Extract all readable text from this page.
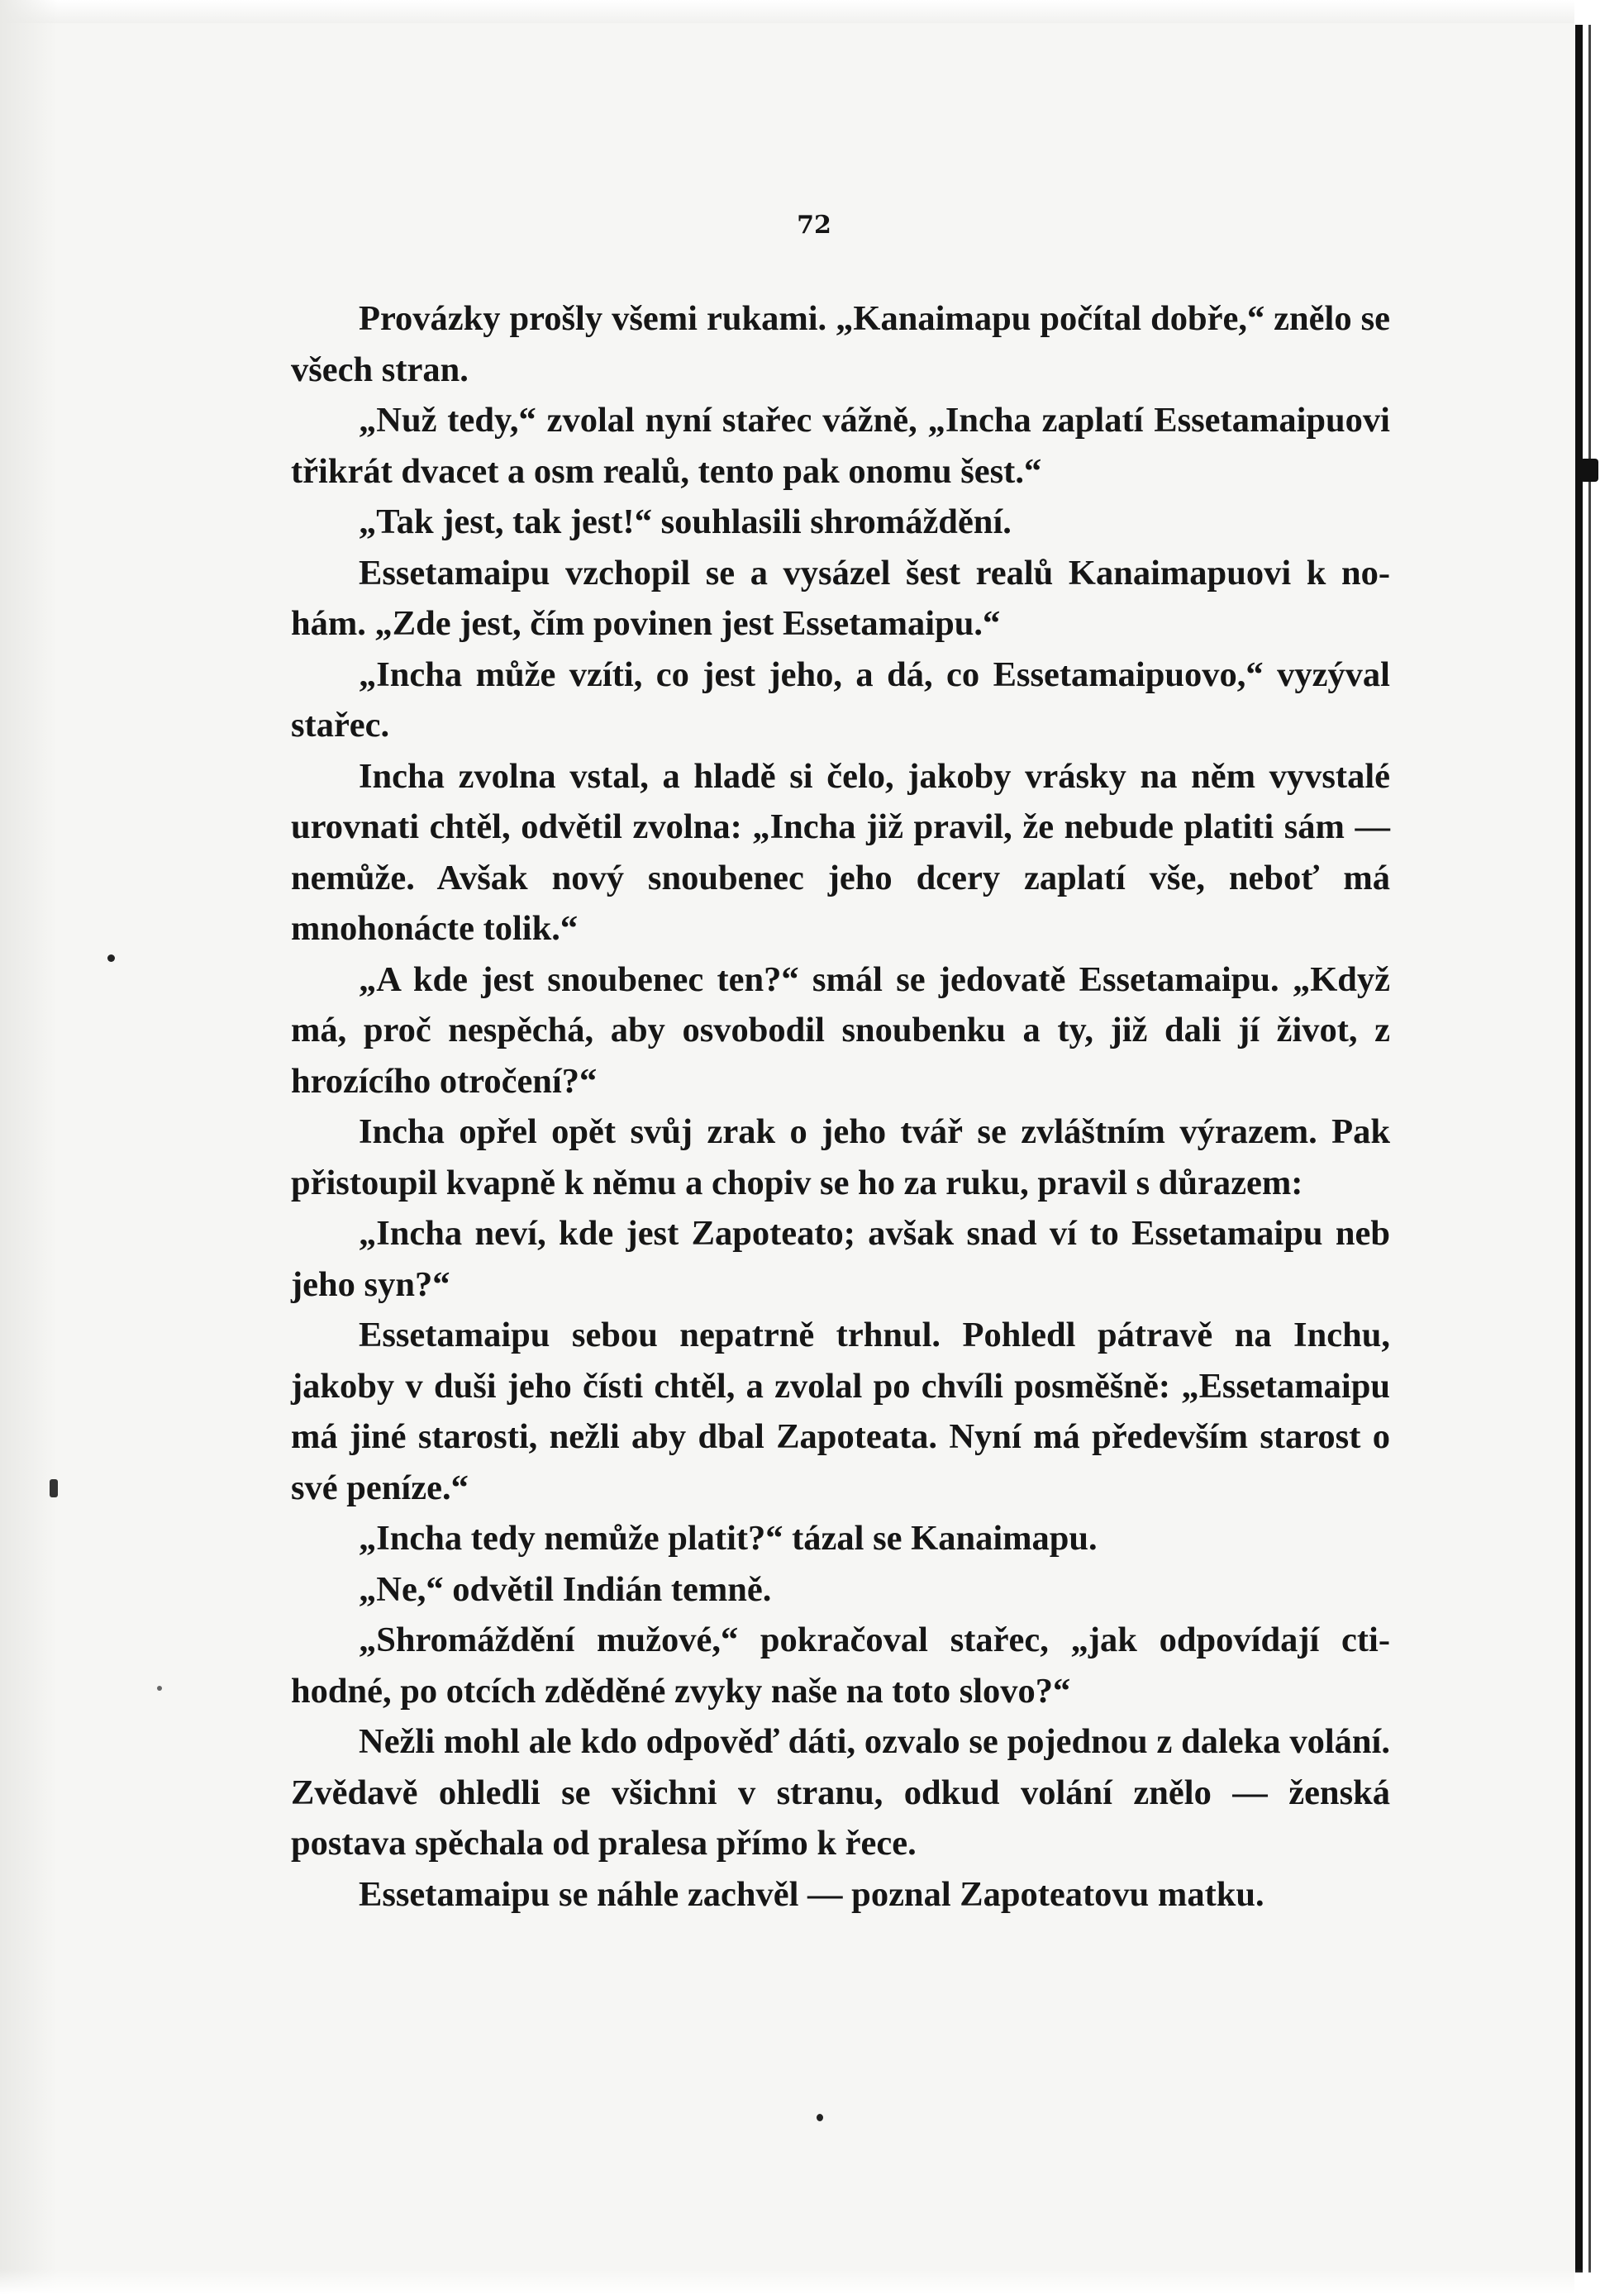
72

Provázky prošly všemi rukami. „Kanaimapu počítal dobře,“ znělo se všech stran.

„Nuž tedy,“ zvolal nyní stařec vážně, „Incha zaplatí Essetamaipuovi třikrát dvacet a osm realů, tento pak onomu šest.“

„Tak jest, tak jest!“ souhlasili shromáždění.

Essetamaipu vzchopil se a vysázel šest realů Kanaimapuovi k nohám. „Zde jest, čím povinen jest Essetamaipu.“

„Incha může vzíti, co jest jeho, a dá, co Essetamaipuovo,“ vyzýval stařec.

Incha zvolna vstal, a hladě si čelo, jakoby vrásky na něm vyvstalé urovnati chtěl, odvětil zvolna: „Incha již pravil, že nebude platiti sám — nemůže. Avšak nový snoubenec jeho dcery zaplatí vše, neboť má mnohonácte tolik.“

„A kde jest snoubenec ten?“ smál se jedovatě Essetamaipu. „Když má, proč nespěchá, aby osvobodil snoubenku a ty, již dali jí život, z hrozícího otročení?“

Incha opřel opět svůj zrak o jeho tvář se zvláštním výrazem. Pak přistoupil kvapně k němu a chopiv se ho za ruku, pravil s důrazem:

„Incha neví, kde jest Zapoteato; avšak snad ví to Essetamaipu neb jeho syn?“

Essetamaipu sebou nepatrně trhnul. Pohledl pátravě na Inchu, jakoby v duši jeho čísti chtěl, a zvolal po chvíli posměšně: „Essetamaipu má jiné starosti, nežli aby dbal Zapoteata. Nyní má především starost o své peníze.“

„Incha tedy nemůže platit?“ tázal se Kanaimapu.

„Ne,“ odvětil Indián temně.

„Shromáždění mužové,“ pokračoval stařec, „jak odpovídají ctihodné, po otcích zděděné zvyky naše na toto slovo?“

Nežli mohl ale kdo odpověď dáti, ozvalo se pojednou z daleka volání. Zvědavě ohledli se všichni v stranu, odkud volání znělo — ženská postava spěchala od pralesa přímo k řece.

Essetamaipu se náhle zachvěl — poznal Zapoteatovu matku.
